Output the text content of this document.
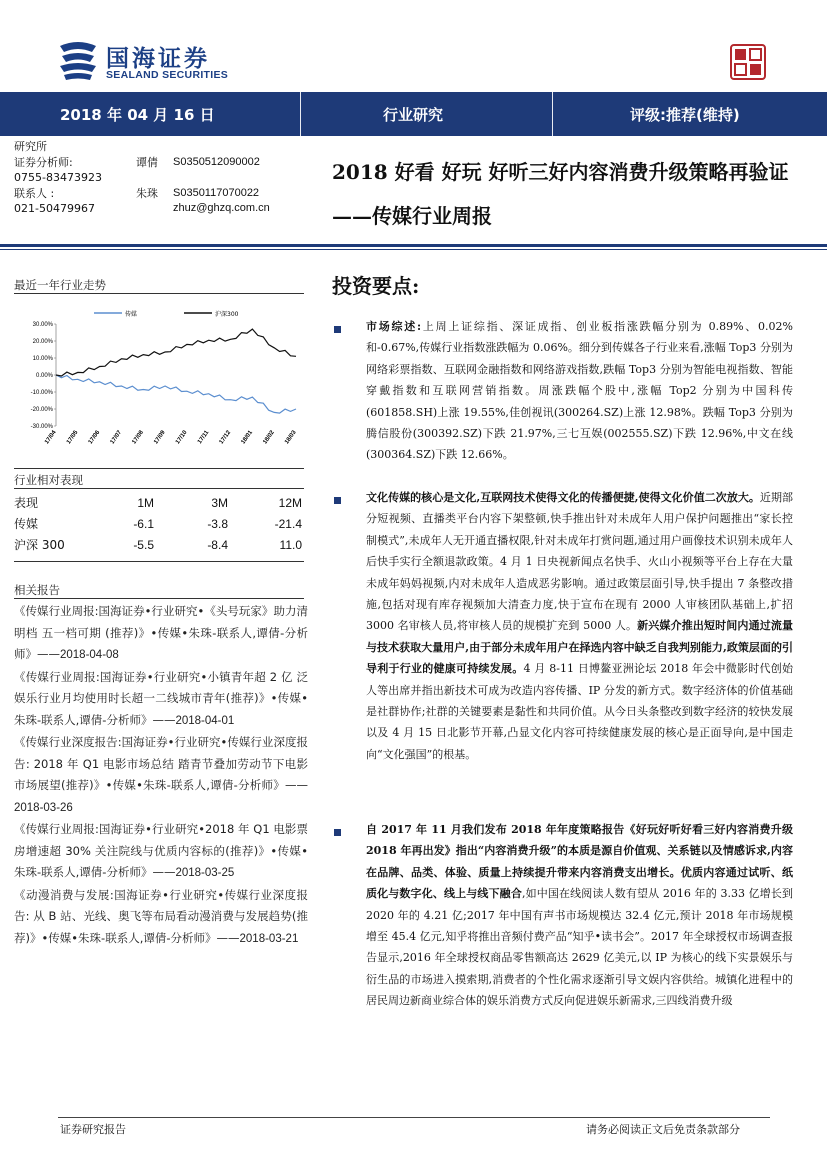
国海证券
SEALAND SECURITIES
2018 年 04 月 16 日	行业研究	评级:推荐(维持)
研究所
证券分析师:	谭倩 S0350512090002
0755-83473923
联系人 :	朱珠 S0350117070022
021-50479967	zhuz@ghzq.com.cn
2018 好看 好玩 好听三好内容消费升级策略再验证——传媒行业周报
最近一年行业走势
传媒	沪深300
30.00%
20.00%
10.00%
0.00%
-10.00%
-20.00%
-30.00%
17/04 17/05 17/06 17/07 17/08 17/09 17/10 17/11 17/12 18/01 18/02 18/03
行业相对表现
表现	1M	3M	12M
传媒	-6.1	-3.8	-21.4
沪深 300	-5.5	-8.4	11.0
相关报告
《传媒行业周报:国海证券•行业研究•《头号玩家》助力清明档 五一档可期 (推荐)》•传媒•朱珠-联系人,谭倩-分析师》——2018-04-08
《传媒行业周报:国海证券•行业研究•小镇青年超 2 亿 泛娱乐行业月均使用时长超一二线城市青年(推荐)》•传媒•朱珠-联系人,谭倩-分析师》——2018-04-01
《传媒行业深度报告:国海证券•行业研究•传媒行业深度报告: 2018 年 Q1 电影市场总结 踏青节叠加劳动节下电影市场展望(推荐)》•传媒•朱珠-联系人,谭倩-分析师》——2018-03-26
《传媒行业周报:国海证券•行业研究•2018 年 Q1 电影票房增速超 30% 关注院线与优质内容标的(推荐)》•传媒•朱珠-联系人,谭倩-分析师》——2018-03-25
《动漫消费与发展:国海证券•行业研究•传媒行业深度报告: 从 B 站、光线、奥飞等布局看动漫消费与发展趋势(推荐)》•传媒•朱珠-联系人,谭倩-分析师》——2018-03-21
投资要点:
市场综述:上周上证综指、深证成指、创业板指涨跌幅分别为 0.89%、0.02%和-0.67%,传媒行业指数涨跌幅为 0.06%。细分到传媒各子行业来看,涨幅 Top3 分别为网络彩票指数、互联网金融指数和网络游戏指数,跌幅 Top3 分别为智能电视指数、智能穿戴指数和互联网营销指数。周涨跌幅个股中,涨幅 Top2 分别为中国科传(601858.SH)上涨 19.55%,佳创视讯(300264.SZ)上涨 12.98%。跌幅 Top3 分别为腾信股份(300392.SZ)下跌 21.97%,三七互娱(002555.SZ)下跌 12.96%,中文在线(300364.SZ)下跌 12.66%。
文化传媒的核心是文化,互联网技术使得文化的传播便捷,使得文化价值二次放大。近期部分短视频、直播类平台内容下架整顿,快手推出针对未成年人用户保护问题推出“家长控制模式”,未成年人无开通直播权限,针对未成年打赏问题,通过用户画像技术识别未成年人后快手实行全额退款政策。4 月 1 日央视新闻点名快手、火山小视频等平台上存在大量未成年妈妈视频,内对未成年人造成恶劣影响。通过政策层面引导,快手提出 7 条整改措施,包括对现有库存视频加大清查力度,快于宣布在现有 2000 人审核团队基础上,扩招 3000 名审核人员,将审核人员的规模扩充到 5000 人。新兴媒介推出短时间内通过流量与技术获取大量用户,由于部分未成年用户在择选内容中缺乏自我判别能力,政策层面的引导利于行业的健康可持续发展。4 月 8-11 日博鳌亚洲论坛 2018 年会中微影时代创始人等出席并指出新技术可成为改造内容传播、IP 分发的新方式。数字经济体的价值基础是社群协作;社群的关键要素是黏性和共同价值。从今日头条整改到数字经济的较快发展以及 4 月 15 日北影节开幕,凸显文化内容可持续健康发展的核心是正面导向,是中国走向“文化强国”的根基。
自 2017 年 11 月我们发布 2018 年年度策略报告《好玩好听好看三好内容消费升级 2018 年再出发》指出“内容消费升级”的本质是源自价值观、关系链以及情感诉求,内容在品牌、品类、体验、质量上持续提升带来内容消费支出增长。优质内容通过试听、纸质化与数字化、线上与线下融合,如中国在线阅读人数有望从 2016 年的 3.33 亿增长到 2020 年的 4.21 亿;2017 年中国有声书市场规模达 32.4 亿元,预计 2018 年市场规模增至 45.4 亿元,知乎将推出音频付费产品“知乎•读书会”。2017 年全球授权市场调查报告显示,2016 年全球授权商品零售额高达 2629 亿美元,以 IP 为核心的线下实景娱乐与衍生品的市场进入摸索期,消费者的个性化需求逐渐引导文娱内容供给。城镇化进程中的居民周边新商业综合体的娱乐消费方式反向促进娱乐新需求,三四线消费升级
证券研究报告	请务必阅读正文后免责条款部分
